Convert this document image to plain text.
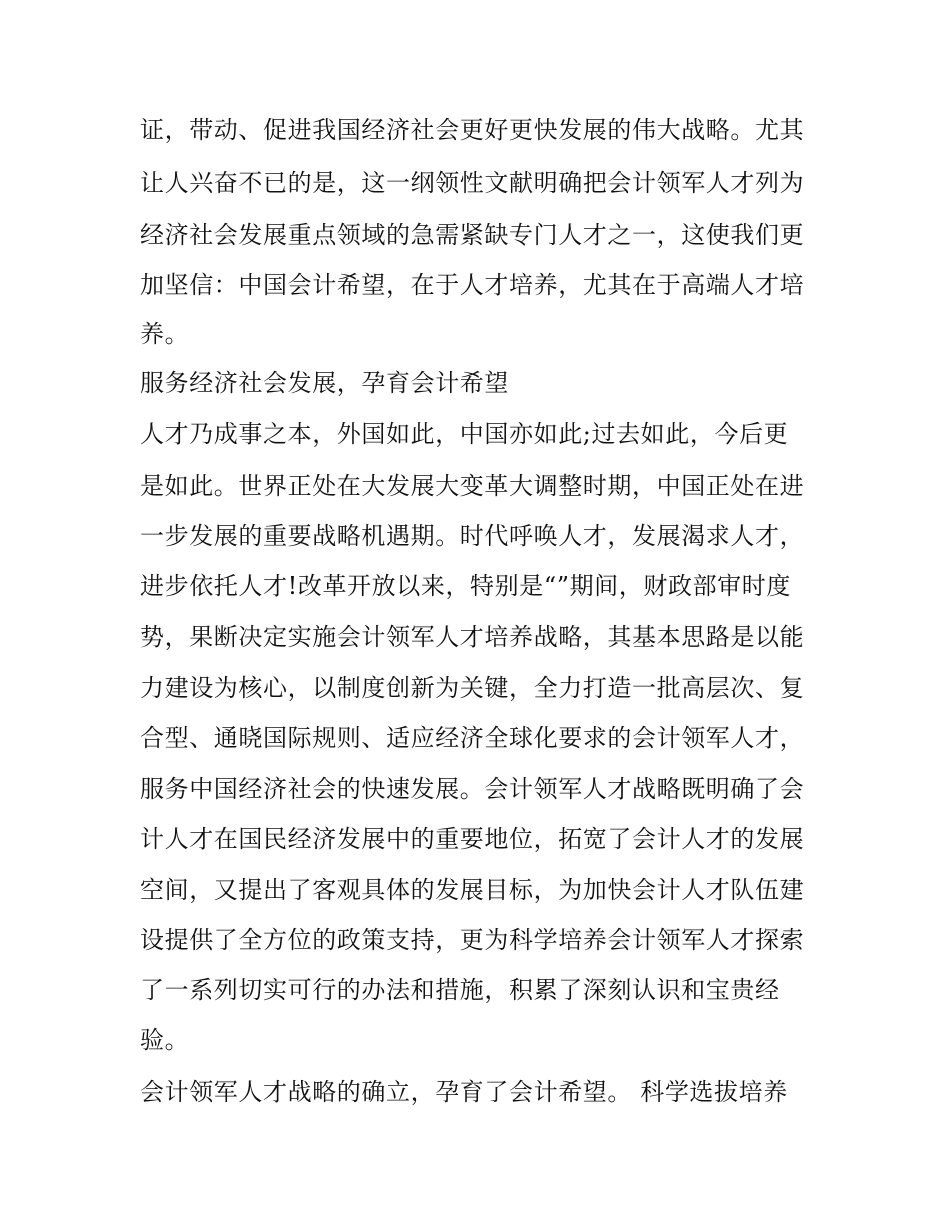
证，带动、促进我国经济社会更好更快发展的伟大战略。尤其
让人兴奋不已的是，这一纲领性文献明确把会计领军人才列为
经济社会发展重点领域的急需紧缺专门人才之一，这使我们更
加坚信：中国会计希望，在于人才培养，尤其在于高端人才培
养。
服务经济社会发展，孕育会计希望
人才乃成事之本，外国如此，中国亦如此;过去如此，今后更
是如此。世界正处在大发展大变革大调整时期，中国正处在进
一步发展的重要战略机遇期。时代呼唤人才，发展渴求人才，
进步依托人才!改革开放以来，特别是“”期间，财政部审时度
势，果断决定实施会计领军人才培养战略，其基本思路是以能
力建设为核心，以制度创新为关键，全力打造一批高层次、复
合型、通晓国际规则、适应经济全球化要求的会计领军人才，
服务中国经济社会的快速发展。会计领军人才战略既明确了会
计人才在国民经济发展中的重要地位，拓宽了会计人才的发展
空间，又提出了客观具体的发展目标，为加快会计人才队伍建
设提供了全方位的政策支持，更为科学培养会计领军人才探索
了一系列切实可行的办法和措施，积累了深刻认识和宝贵经
验。
会计领军人才战略的确立，孕育了会计希望。 科学选拔培养
